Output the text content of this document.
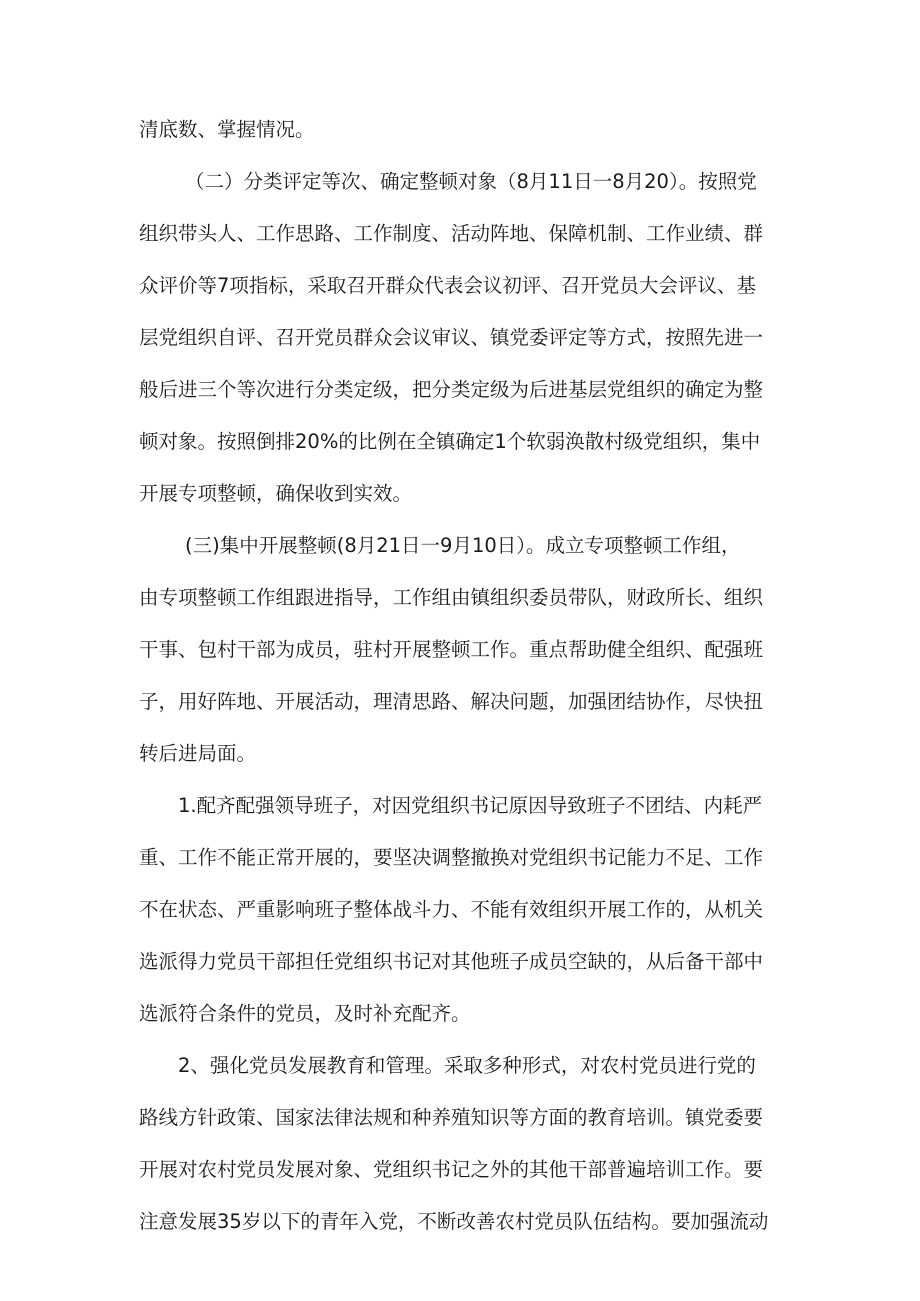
清底数、掌握情况。
（二）分类评定等次、确定整顿对象（8月11日一8月20）。按照党
组织带头人、工作思路、工作制度、活动阵地、保障机制、工作业绩、群
众评价等7项指标，采取召开群众代表会议初评、召开党员大会评议、基
层党组织自评、召开党员群众会议审议、镇党委评定等方式，按照先进一
般后进三个等次进行分类定级，把分类定级为后进基层党组织的确定为整
顿对象。按照倒排20%的比例在全镇确定1个软弱涣散村级党组织，集中
开展专项整顿，确保收到实效。
(三)集中开展整顿(8月21日一9月10日）。成立专项整顿工作组，
由专项整顿工作组跟进指导，工作组由镇组织委员带队，财政所长、组织
干事、包村干部为成员，驻村开展整顿工作。重点帮助健全组织、配强班
子，用好阵地、开展活动，理清思路、解决问题，加强团结协作，尽快扭
转后进局面。
1.配齐配强领导班子，对因党组织书记原因导致班子不团结、内耗严
重、工作不能正常开展的，要坚决调整撤换对党组织书记能力不足、工作
不在状态、严重影响班子整体战斗力、不能有效组织开展工作的，从机关
选派得力党员干部担任党组织书记对其他班子成员空缺的，从后备干部中
选派符合条件的党员，及时补充配齐。
2、强化党员发展教育和管理。采取多种形式，对农村党员进行党的
路线方针政策、国家法律法规和种养殖知识等方面的教育培训。镇党委要
开展对农村党员发展对象、党组织书记之外的其他干部普遍培训工作。要
注意发展35岁以下的青年入党，不断改善农村党员队伍结构。要加强流动
